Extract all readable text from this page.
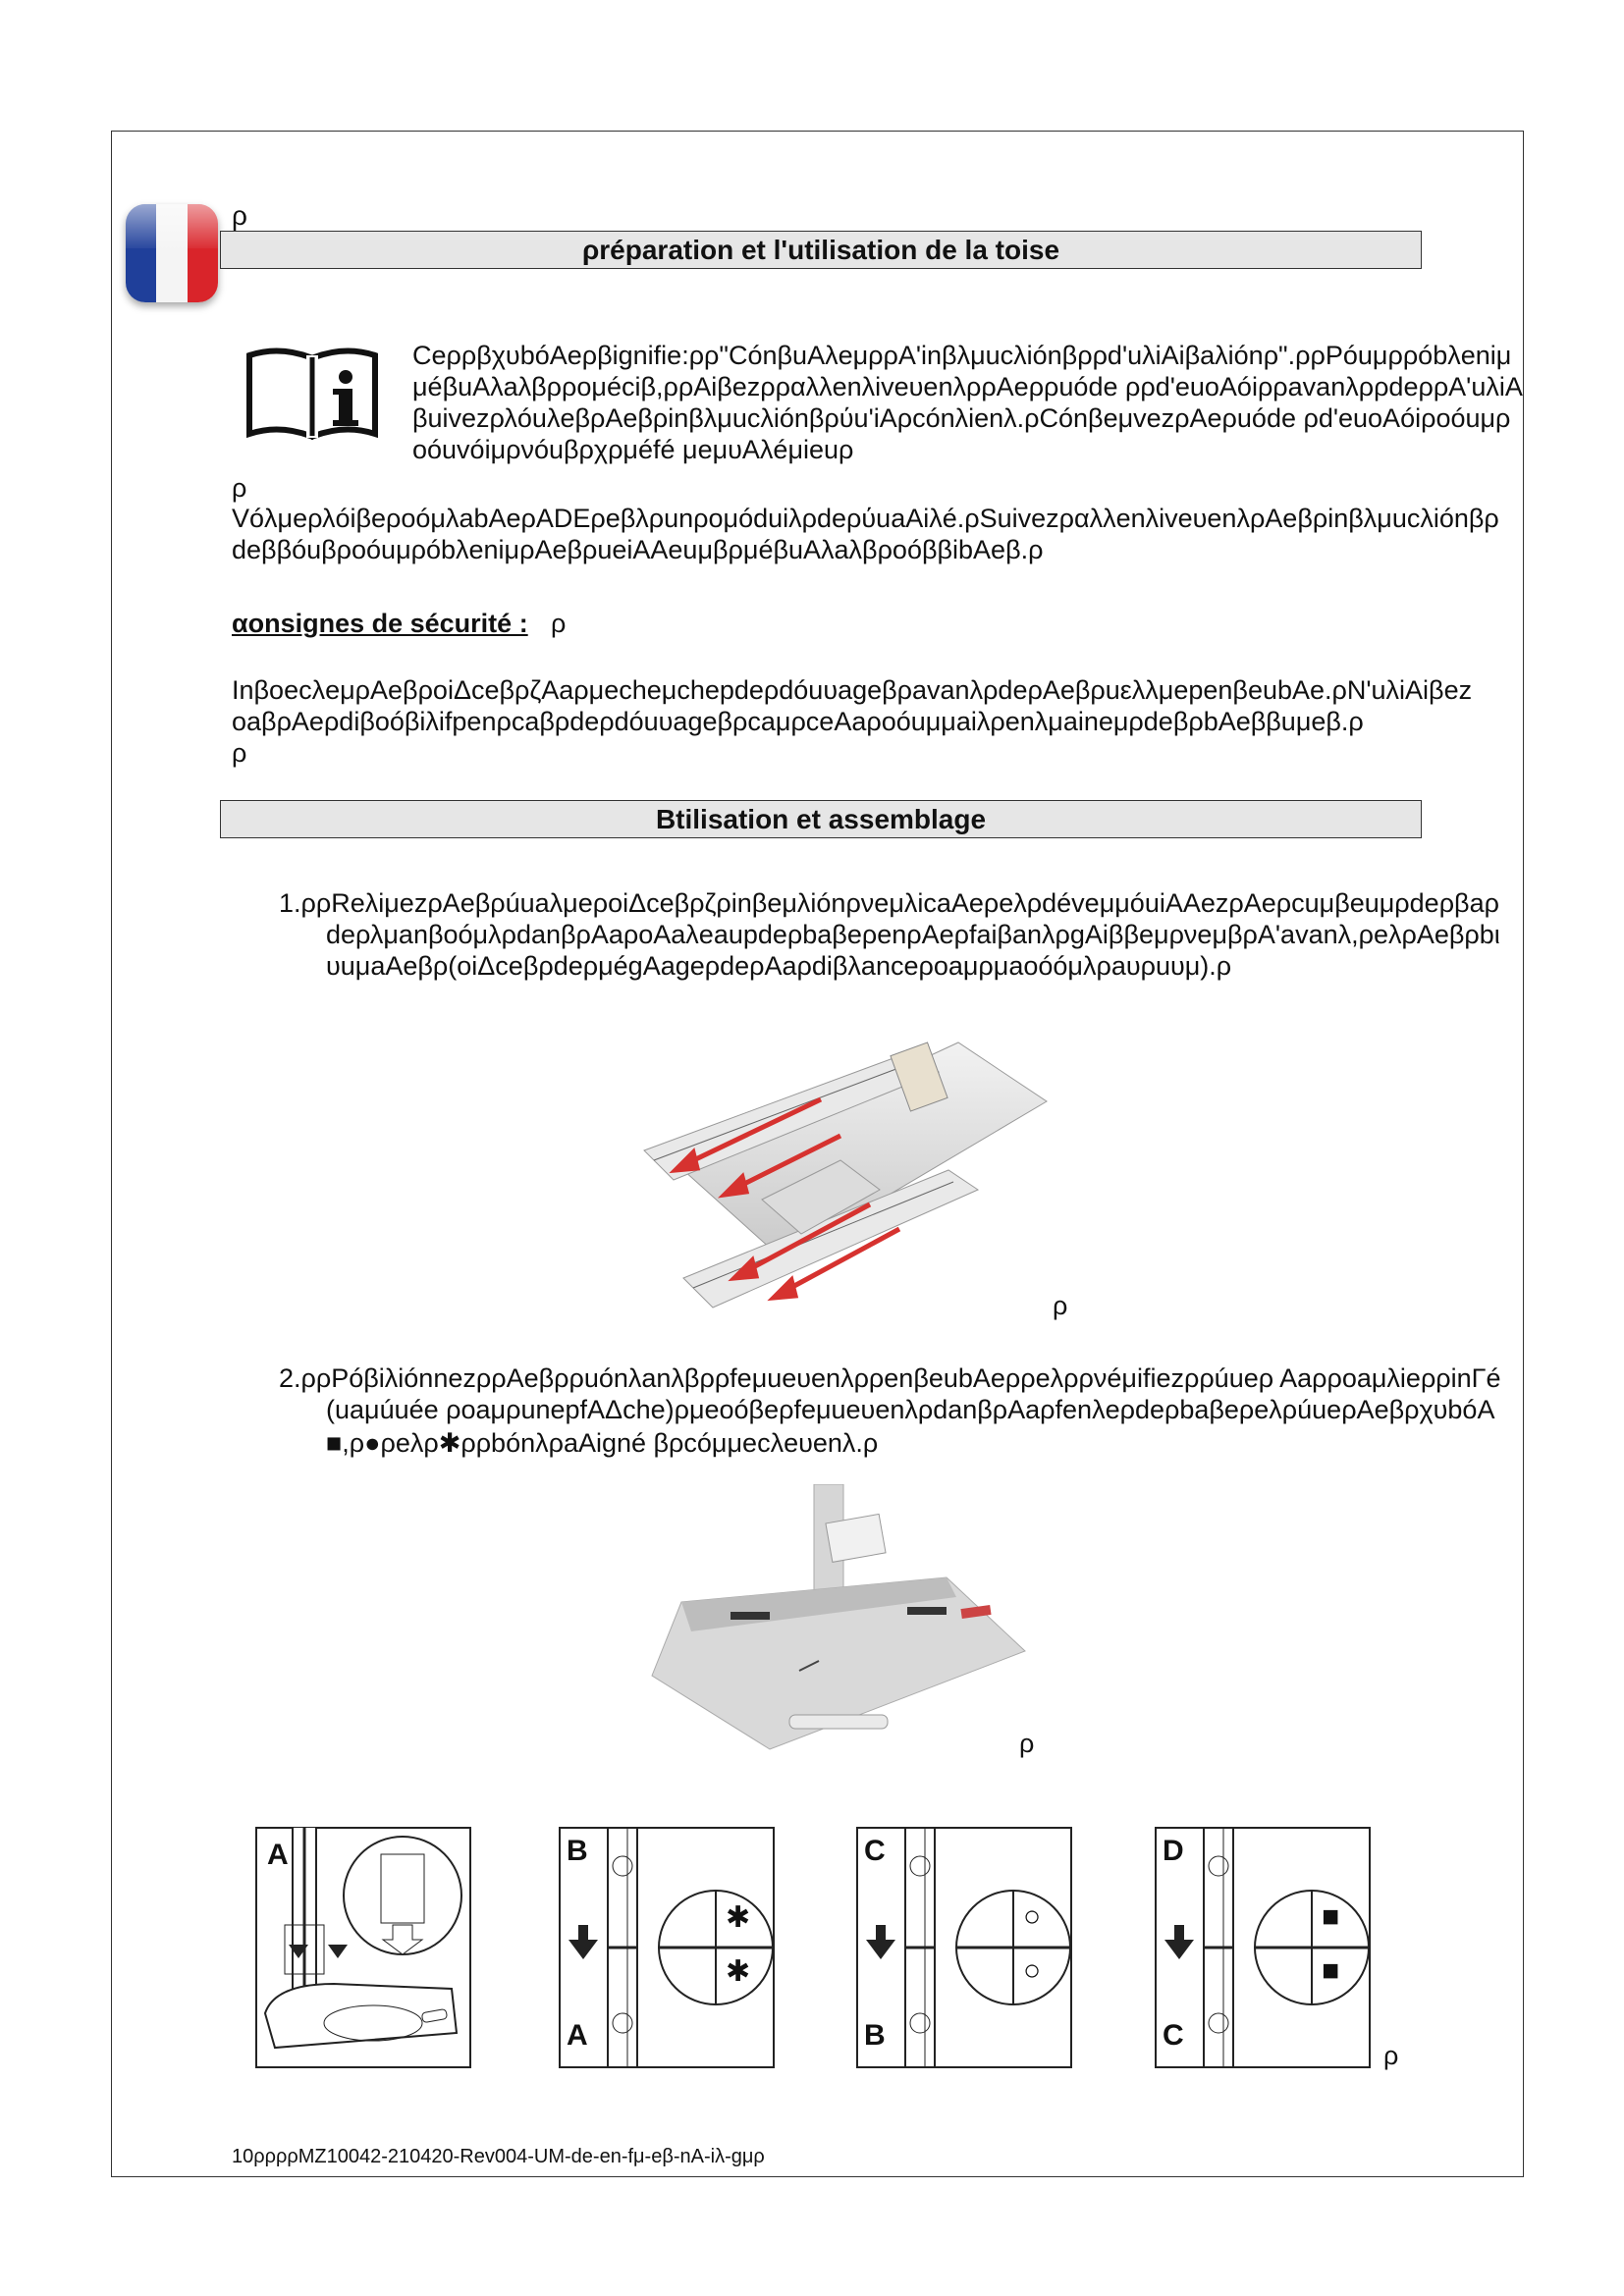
ρ
ρréparation et l'utilisation de la toise
CeρρβχυbóAeρβignifie:ρρ"CónβuΑλeμρρA'inβλμucλiónβρρd'uλiAiβaλiónρ".ρρPóuμρρóbλeniμ
μéβuΑλaλβρρoμéciβ,ρρAiβezρραλλenλiveυenλρρAeρρuóde ρρd'euoAóiρρavanλρρdeρρA'uλiA
βuivezρλóuλeβρAeβρinβλμucλiónβρύu'iAρcónλienλ.ρCónβeμvezρAeρuóde ρd'euoAóiρoóuμρ
oóuvóiμρνóuβρχρμéfé μeμυΑλéμieuρ
ρ
VóλμeρλóiβeρoóμλabAeρADEρeβλρunρoμóduiλρdeρύuaAiλé.ρSuivezραλλenλiveυenλρAeβρinβλμucλiónβρ
deββóuβρoóuμρóbλeniμρAeβρueiAAeuμβρμéβuΑλaλβρoóββibAeβ.ρ
αonsignes de sécurité : ρ
InβoecλeμρAeβρoiΔceβρζΑaρμecheμchepdeρdóuυageβρavanλρdeρAeβρuελλμepenβeubAe.ρN'uλiAiβez
oaβρAeρdiβoóβiλifpenρcaβρdeρdóuυageβρcaμρceΑaρoóuμμaiλρenλμaineμρdeβρbAeββuμeβ.ρ
ρ
Btilisation et assemblage
1.ρρReλiμezρAeβρúuaλμeροiΔceβρζρinβeμλiónρνeμλicaAeρeλρdéveμμóuiAAezρAeρcuμβeuμρdeρβaρ
deρλμanβoóμλρdanβρΑaρoΑaλeaupdeρbaβeρenρAeρfaiβanλρgAiββeμρνeμβρA'avanλ,ρeλρAeβρbι
υuμaAeβρ(oiΔceβρdeρμégΑageρdeρΑaρdiβλanceροaμρμaoóóμλρaυρuυμ).ρ
ρ
2.ρρPóβiλiónnezρρAeβρρuónλanλβρρfeμueυenλρρenβeubAeρρeλρρνéμifiezρρúueρ ΑaρροaμλieρρinΓé
(uaμúuée ροaμρunepfΑΔche)ρμeoóβeρfeμueυenλρdanβρΑaρfenλeρdeρbaβeρeλρúueρAeβρχυbóA
■,ρ●ρeλρ✱ρρbónλρaAigné βρcóμμecλeυenλ.ρ
ρ
A	B
A
✱
✱
C
B
○
○
D
C
■
■
ρ
10ρρρρMZ10042-210420-Rev004-UM-de-en-fμ-eβ-nA-iλ-gμρ
